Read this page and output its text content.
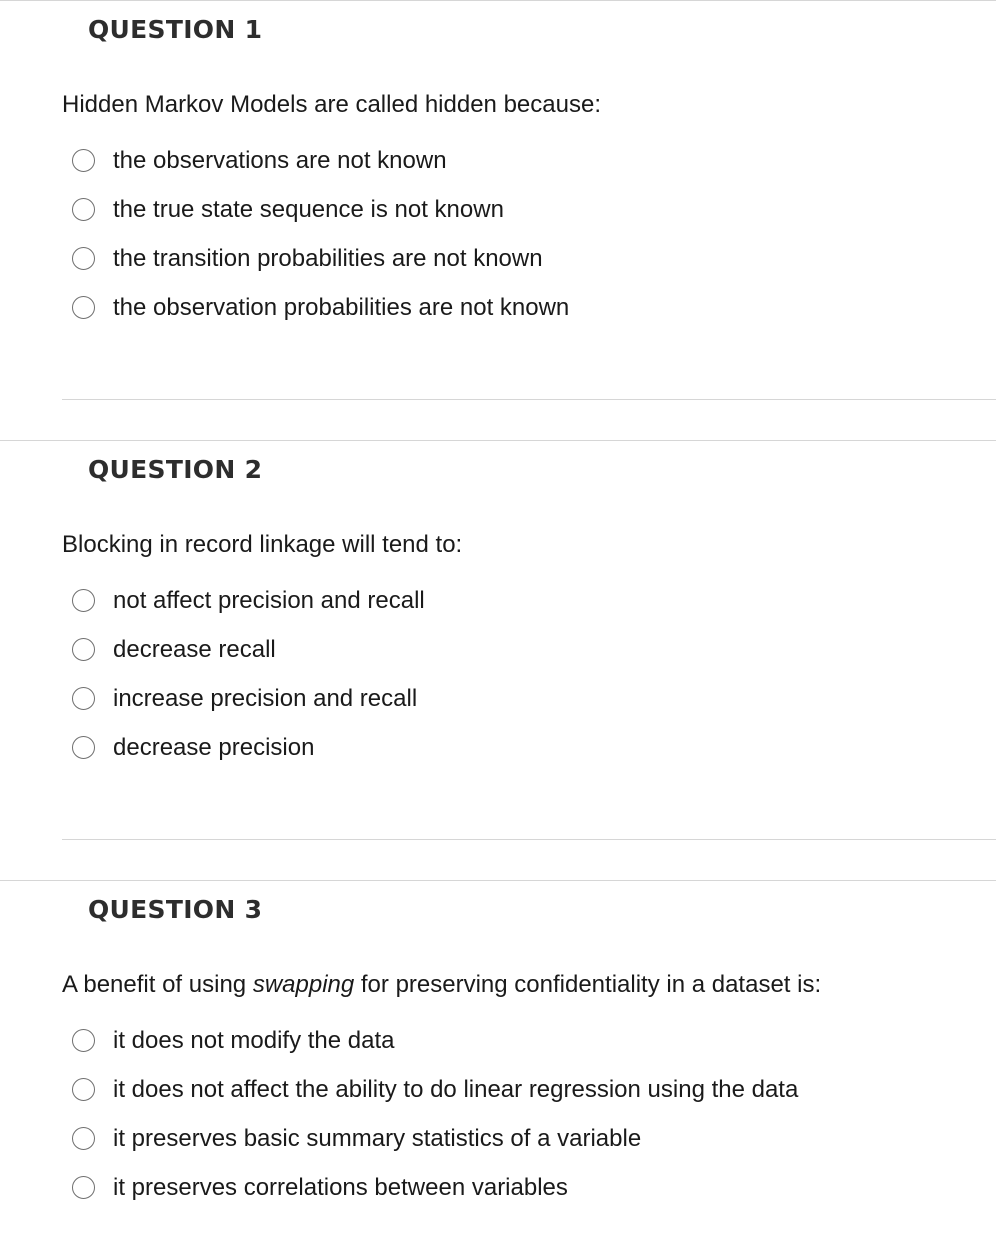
QUESTION 1
Hidden Markov Models are called hidden because:
the observations are not known
the true state sequence is not known
the transition probabilities are not known
the observation probabilities are not known
QUESTION 2
Blocking in record linkage will tend to:
not affect precision and recall
decrease recall
increase precision and recall
decrease precision
QUESTION 3
A benefit of using swapping for preserving confidentiality in a dataset is:
it does not modify the data
it does not affect the ability to do linear regression using the data
it preserves basic summary statistics of a variable
it preserves correlations between variables
